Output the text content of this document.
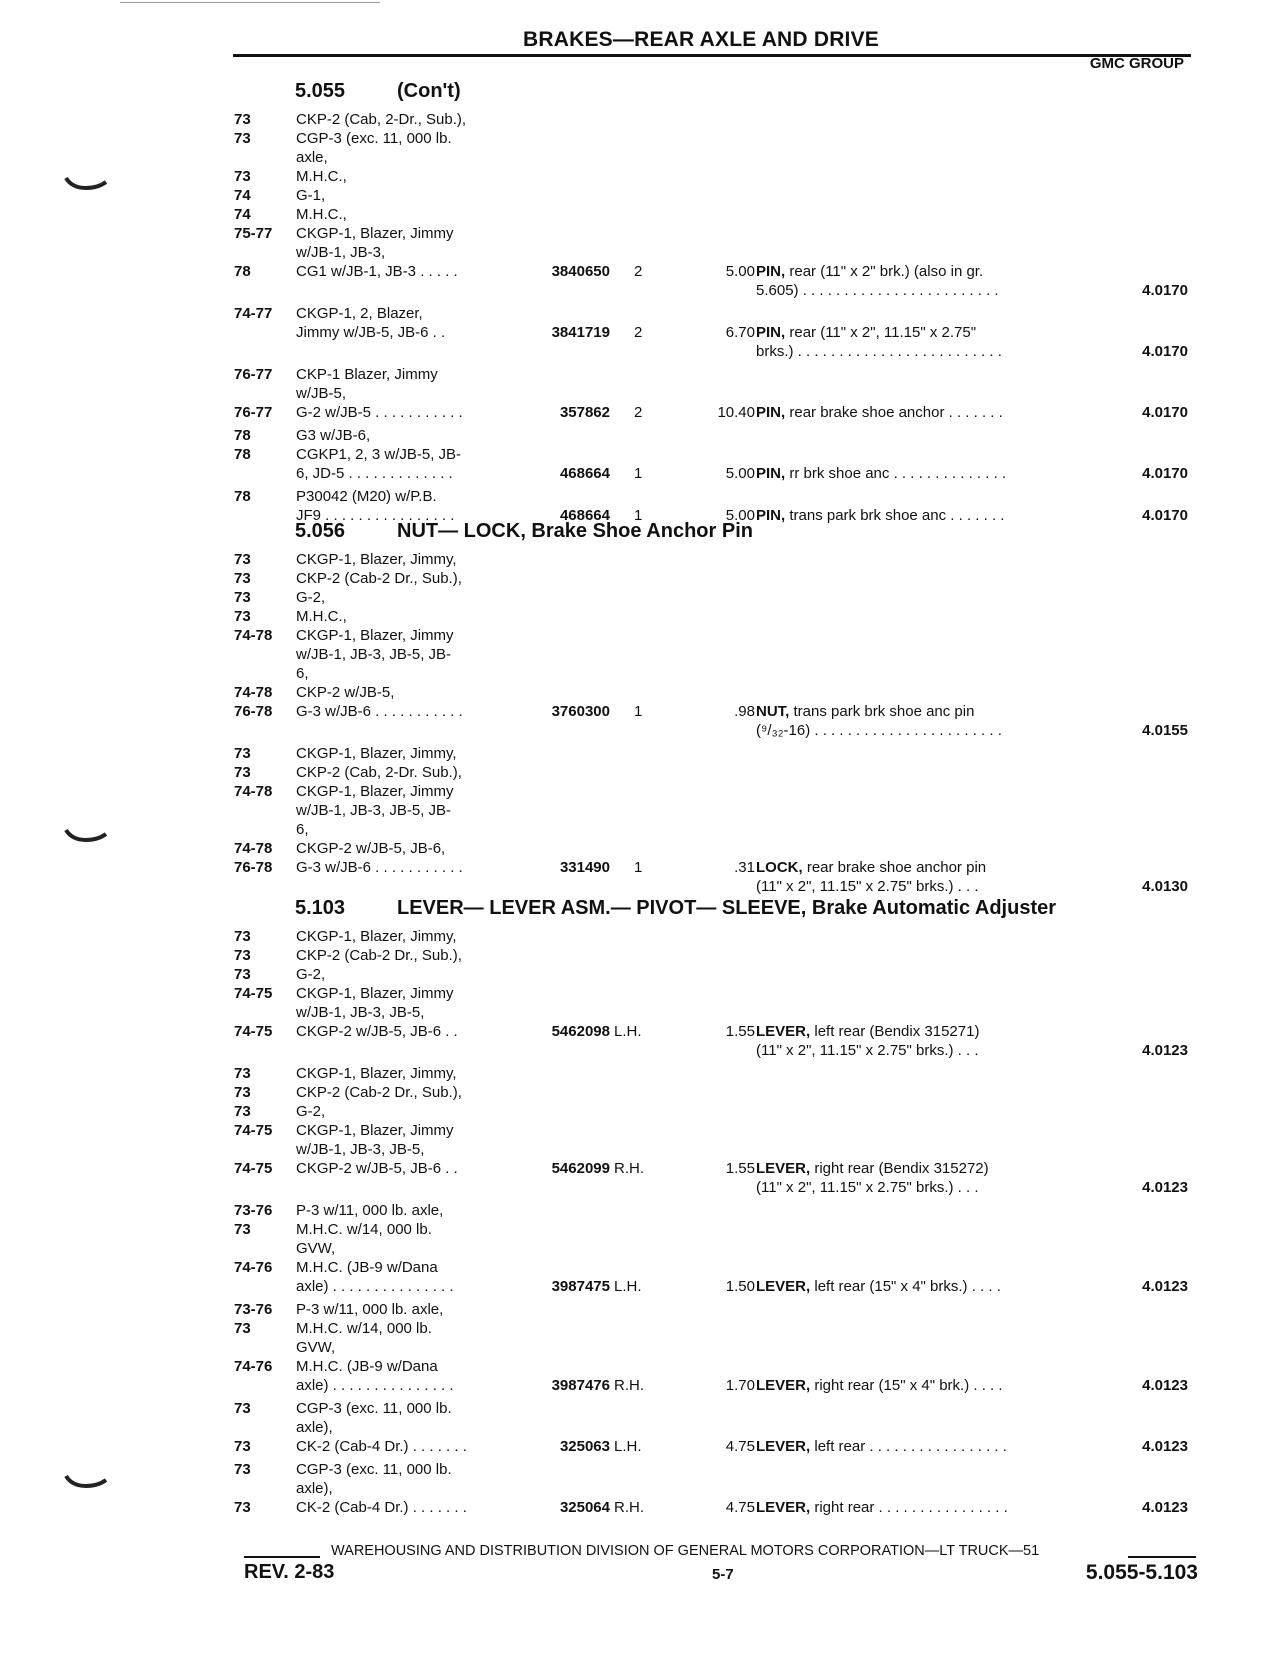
BRAKES—REAR AXLE AND DRIVE
GMC GROUP
5.055	(Con't)
73	CKP-2 (Cab, 2-Dr., Sub.),
73	CGP-3 (exc. 11, 000 lb.
axle,
73	M.H.C.,
74	G-1,
74	M.H.C.,
75-77 CKGP-1, Blazer, Jimmy
w/JB-1, JB-3,
78	CG1 w/JB-1, JB-3 . . . . .	3840650 2	5.00 PIN, rear (11" x 2" brk.) (also in gr.
5.605) . . . . . . . . . . . . . . . . . . . . . . . .	4.0170
74-77 CKGP-1, 2, Blazer,
Jimmy w/JB-5, JB-6 . .	3841719 2	6.70 PIN, rear (11" x 2", 11.15" x 2.75"
brks.) . . . . . . . . . . . . . . . . . . . . . . . . .	4.0170
76-77 CKP-1 Blazer, Jimmy
w/JB-5,
76-77 G-2 w/JB-5 . . . . . . . . . . .	357862 2	10.40 PIN, rear brake shoe anchor . . . . . . .	4.0170
78	G3 w/JB-6,
78	CGKP1, 2, 3 w/JB-5, JB-
6, JD-5 . . . . . . . . . . . . .	468664 1	5.00 PIN, rr brk shoe anc . . . . . . . . . . . . . .	4.0170
78	P30042 (M20) w/P.B.
JF9 . . . . . . . . . . . . . . . .	468664 1	5.00 PIN, trans park brk shoe anc . . . . . . .	4.0170
5.056	NUT— LOCK, Brake Shoe Anchor Pin
73	CKGP-1, Blazer, Jimmy,
73	CKP-2 (Cab-2 Dr., Sub.),
73	G-2,
73	M.H.C.,
74-78 CKGP-1, Blazer, Jimmy
w/JB-1, JB-3, JB-5, JB-
6,
74-78 CKP-2 w/JB-5,
76-78 G-3 w/JB-6 . . . . . . . . . . .	3760300 1	.98 NUT, trans park brk shoe anc pin
(⁹/₃₂-16) . . . . . . . . . . . . . . . . . . . . . . .	4.0155
73	CKGP-1, Blazer, Jimmy,
73	CKP-2 (Cab, 2-Dr. Sub.),
74-78 CKGP-1, Blazer, Jimmy
w/JB-1, JB-3, JB-5, JB-
6,
74-78 CKGP-2 w/JB-5, JB-6,
76-78 G-3 w/JB-6 . . . . . . . . . . .	331490 1	.31 LOCK, rear brake shoe anchor pin
(11" x 2", 11.15" x 2.75" brks.) . . .	4.0130
5.103	LEVER— LEVER ASM.— PIVOT— SLEEVE, Brake Automatic Adjuster
73	CKGP-1, Blazer, Jimmy,
73	CKP-2 (Cab-2 Dr., Sub.),
73	G-2,
74-75 CKGP-1, Blazer, Jimmy
w/JB-1, JB-3, JB-5,
74-75 CKGP-2 w/JB-5, JB-6 . .	5462098 L.H.	1.55 LEVER, left rear (Bendix 315271)
(11" x 2", 11.15" x 2.75" brks.) . . .	4.0123
73	CKGP-1, Blazer, Jimmy,
73	CKP-2 (Cab-2 Dr., Sub.),
73	G-2,
74-75 CKGP-1, Blazer, Jimmy
w/JB-1, JB-3, JB-5,
74-75 CKGP-2 w/JB-5, JB-6 . .	5462099 R.H.	1.55 LEVER, right rear (Bendix 315272)
(11" x 2", 11.15" x 2.75" brks.) . . .	4.0123
73-76 P-3 w/11, 000 lb. axle,
73	M.H.C. w/14, 000 lb.
GVW,
74-76 M.H.C. (JB-9 w/Dana
axle) . . . . . . . . . . . . . . .	3987475 L.H.	1.50 LEVER, left rear (15" x 4" brks.) . . . .	4.0123
73-76 P-3 w/11, 000 lb. axle,
73	M.H.C. w/14, 000 lb.
GVW,
74-76 M.H.C. (JB-9 w/Dana
axle) . . . . . . . . . . . . . . .	3987476 R.H.	1.70 LEVER, right rear (15" x 4" brk.) . . . .	4.0123
73	CGP-3 (exc. 11, 000 lb.
axle),
73	CK-2 (Cab-4 Dr.) . . . . . . .	325063 L.H.	4.75 LEVER, left rear . . . . . . . . . . . . . . . . .	4.0123
73	CGP-3 (exc. 11, 000 lb.
axle),
73	CK-2 (Cab-4 Dr.) . . . . . . .	325064 R.H.	4.75 LEVER, right rear . . . . . . . . . . . . . . . .	4.0123
WAREHOUSING AND DISTRIBUTION DIVISION OF GENERAL MOTORS CORPORATION—LT TRUCK—51
REV. 2-83	5-7	5.055-5.103
